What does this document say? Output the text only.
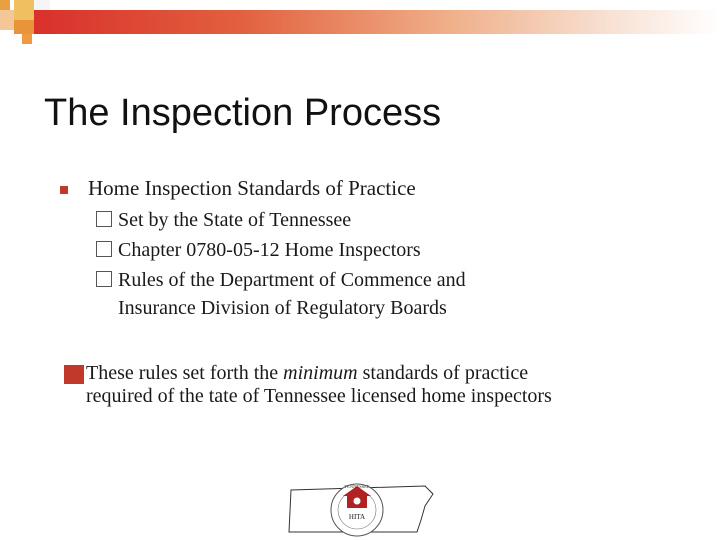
The Inspection Process
Home Inspection Standards of Practice
Set by the State of Tennessee
Chapter 0780-05-12 Home Inspectors
Rules of the Department of Commence and
Insurance Division of Regulatory Boards
These rules set forth the minimum standards of practice required of the tate of Tennessee licensed home inspectors
HITA
TENNESSEE
